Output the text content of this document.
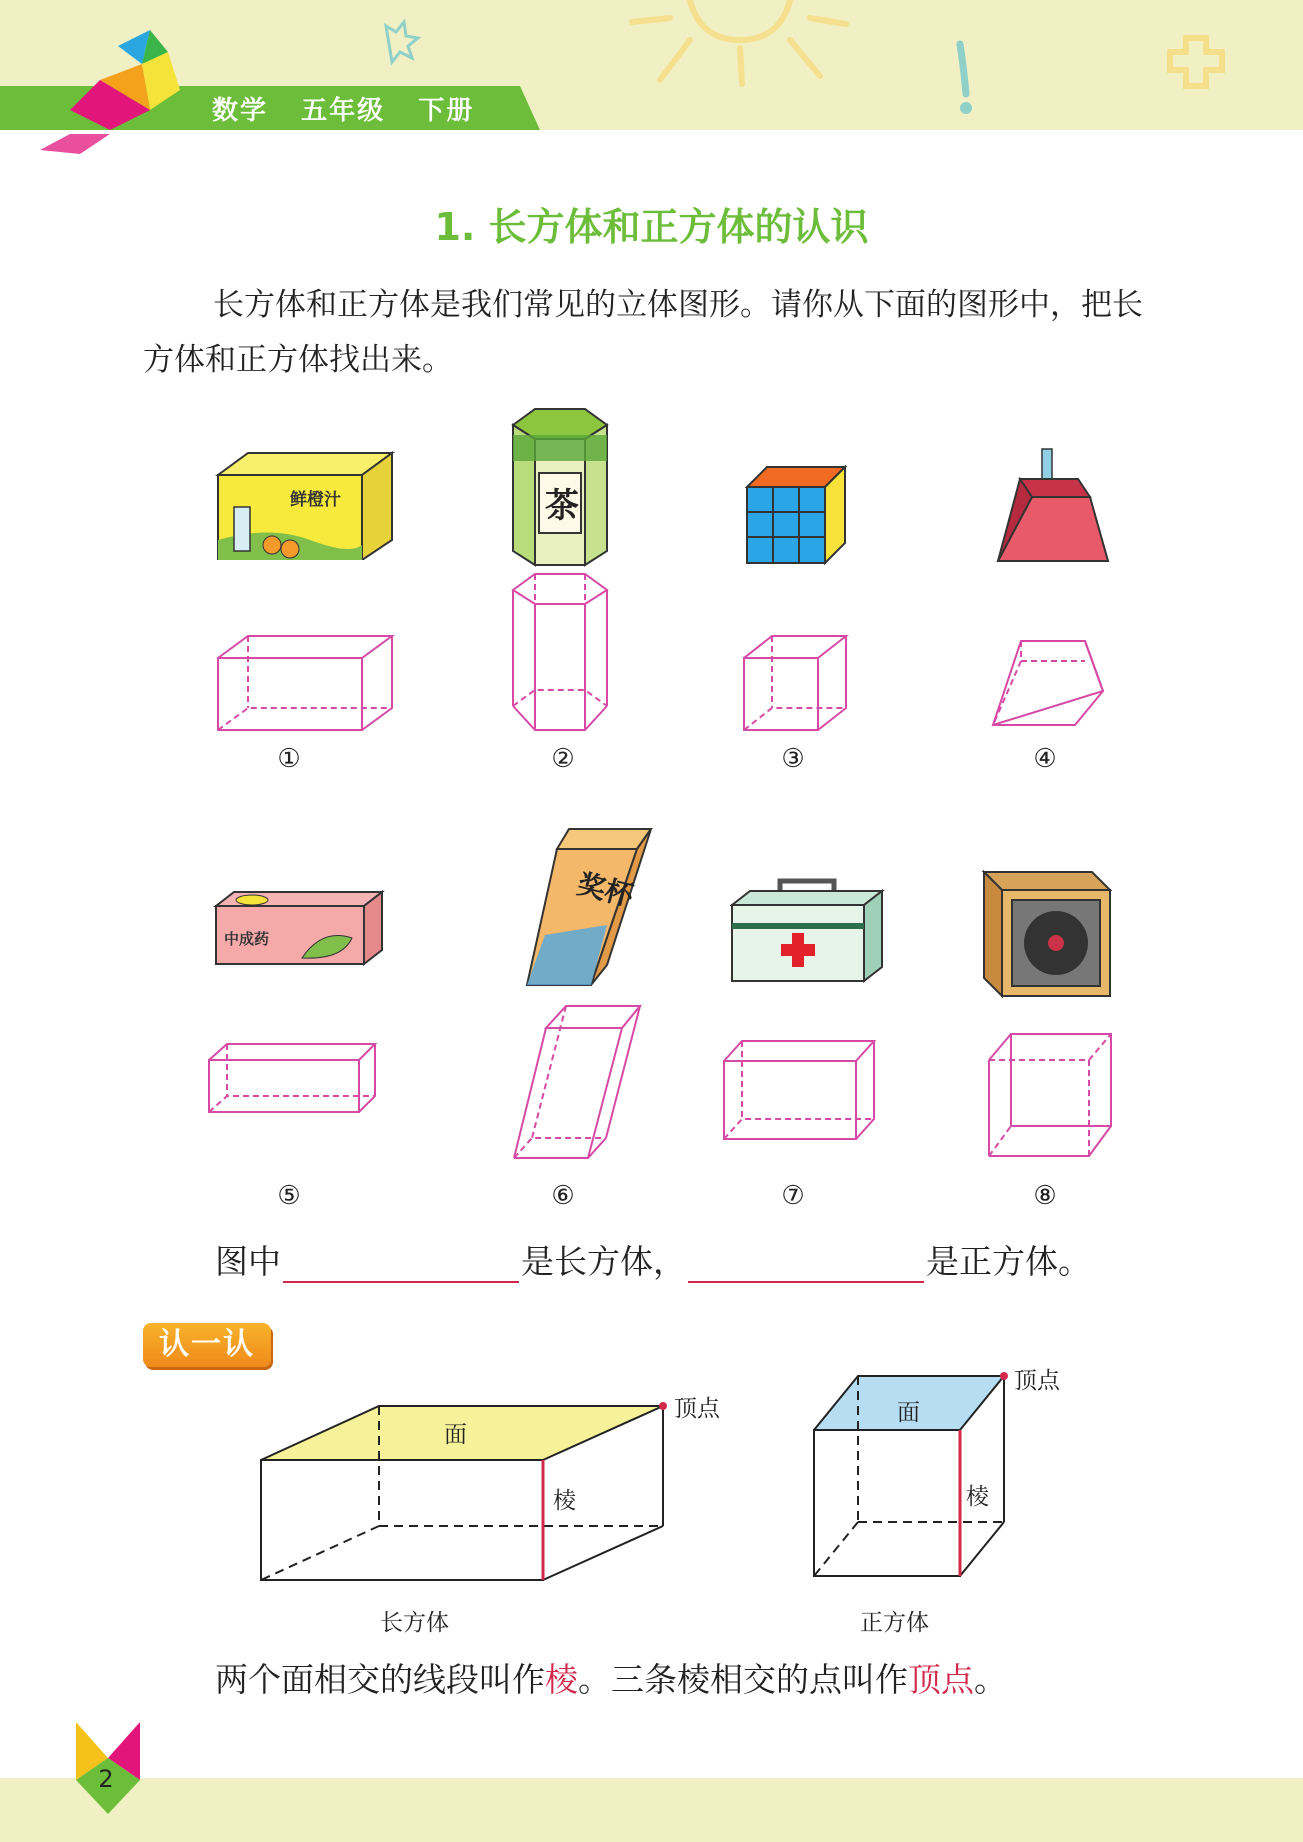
数学 五年级 下册
1. 长方体和正方体的认识
长方体和正方体是我们常见的立体图形。请你从下面的图形中，把长方体和正方体找出来。
鲜橙汁	茶
①	②	③	④
中成药
奖杯
⑤	⑥	⑦	⑧
图中	是长方体，	是正方体。
认一认
面
棱
顶点
长方体
面
棱
顶点
正方体
两个面相交的线段叫作棱。三条棱相交的点叫作顶点。
2
